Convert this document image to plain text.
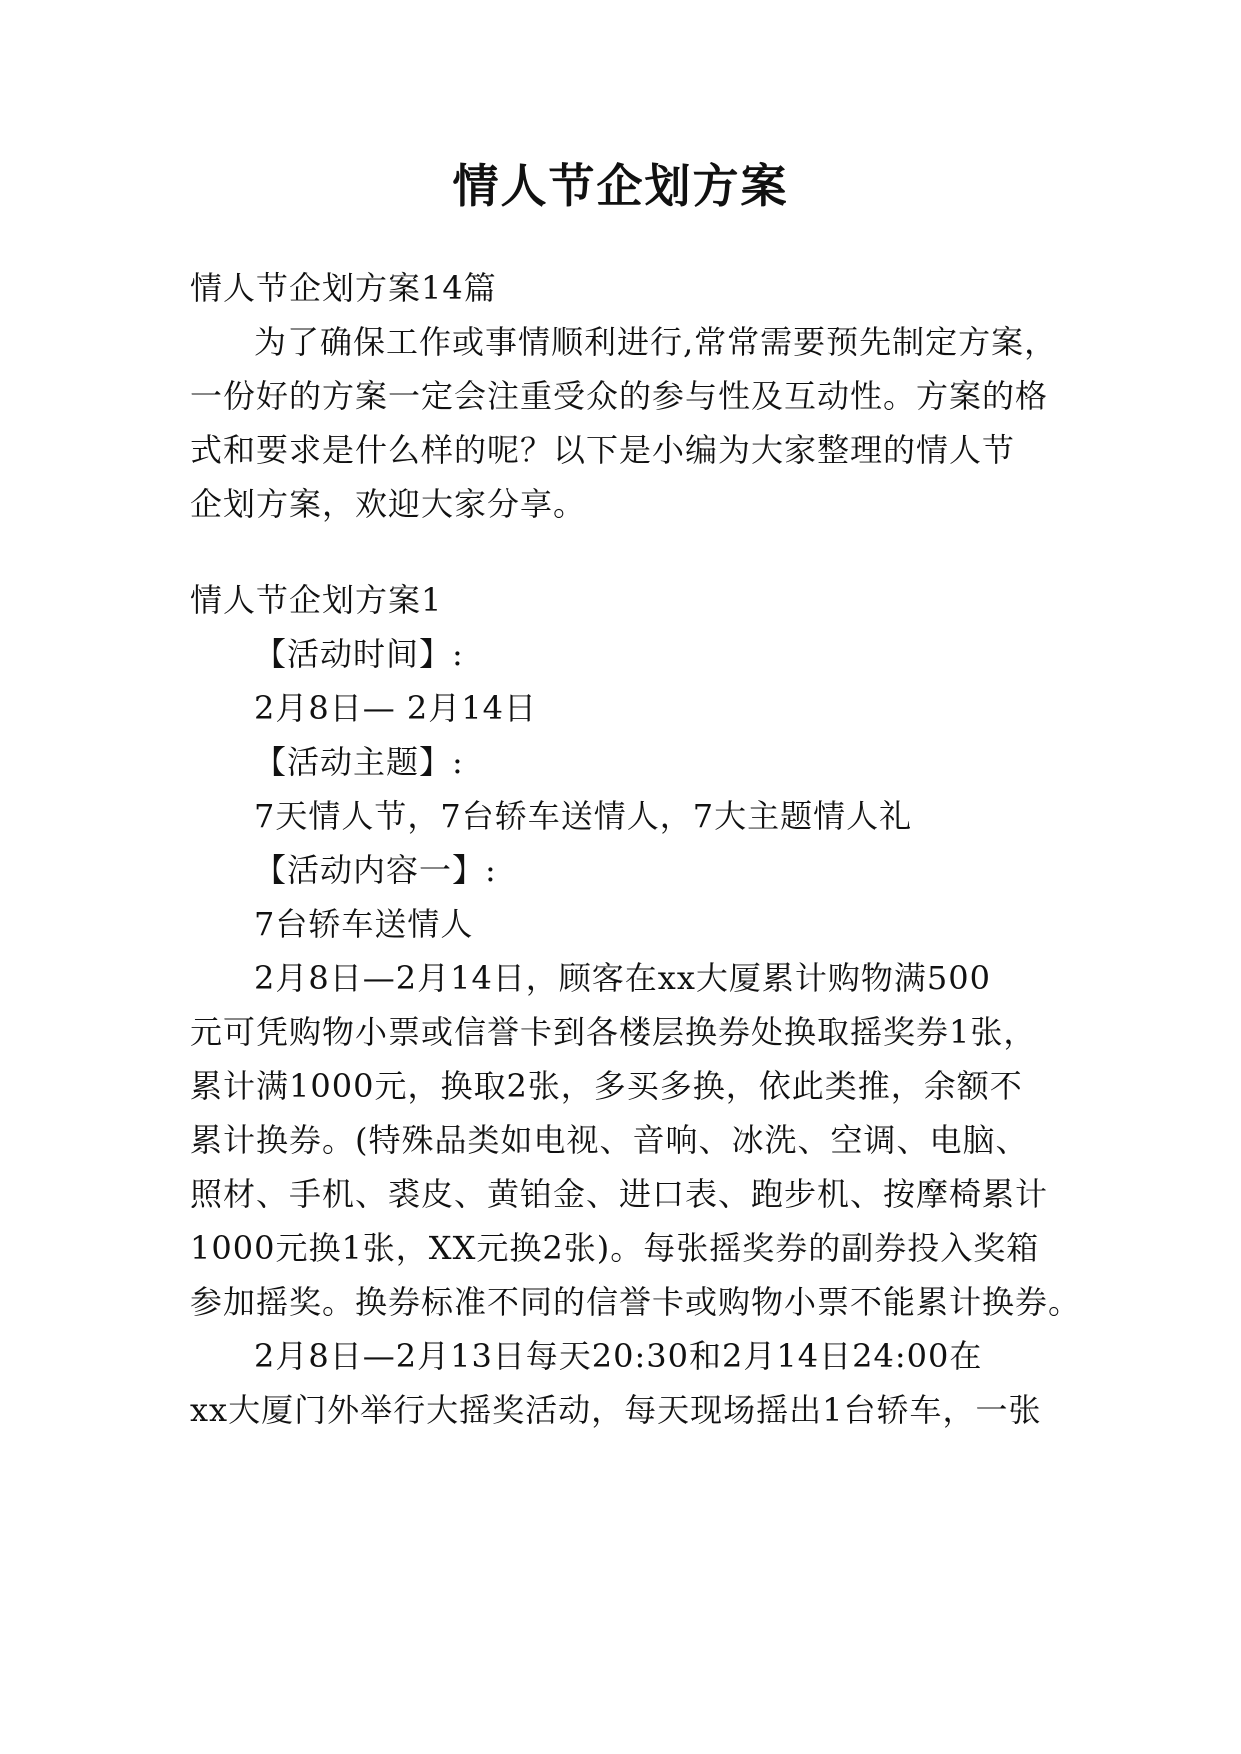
情人节企划方案

情人节企划方案14篇

为了确保工作或事情顺利进行,常常需要预先制定方案，

一份好的方案一定会注重受众的参与性及互动性。方案的格

式和要求是什么样的呢？以下是小编为大家整理的情人节

企划方案，欢迎大家分享。

情人节企划方案1

【活动时间】:

2月8日— 2月14日

【活动主题】:

7天情人节，7台轿车送情人，7大主题情人礼

【活动内容一】:

7台轿车送情人

2月8日—2月14日，顾客在xx大厦累计购物满500

元可凭购物小票或信誉卡到各楼层换券处换取摇奖券1张，

累计满1000元，换取2张，多买多换，依此类推，余额不

累计换券。(特殊品类如电视、音响、冰洗、空调、电脑、

照材、手机、裘皮、黄铂金、进口表、跑步机、按摩椅累计

1000元换1张，XX元换2张)。每张摇奖券的副券投入奖箱

参加摇奖。换券标准不同的信誉卡或购物小票不能累计换券。

2月8日—2月13日每天20:30和2月14日24:00在

xx大厦门外举行大摇奖活动，每天现场摇出1台轿车，一张
